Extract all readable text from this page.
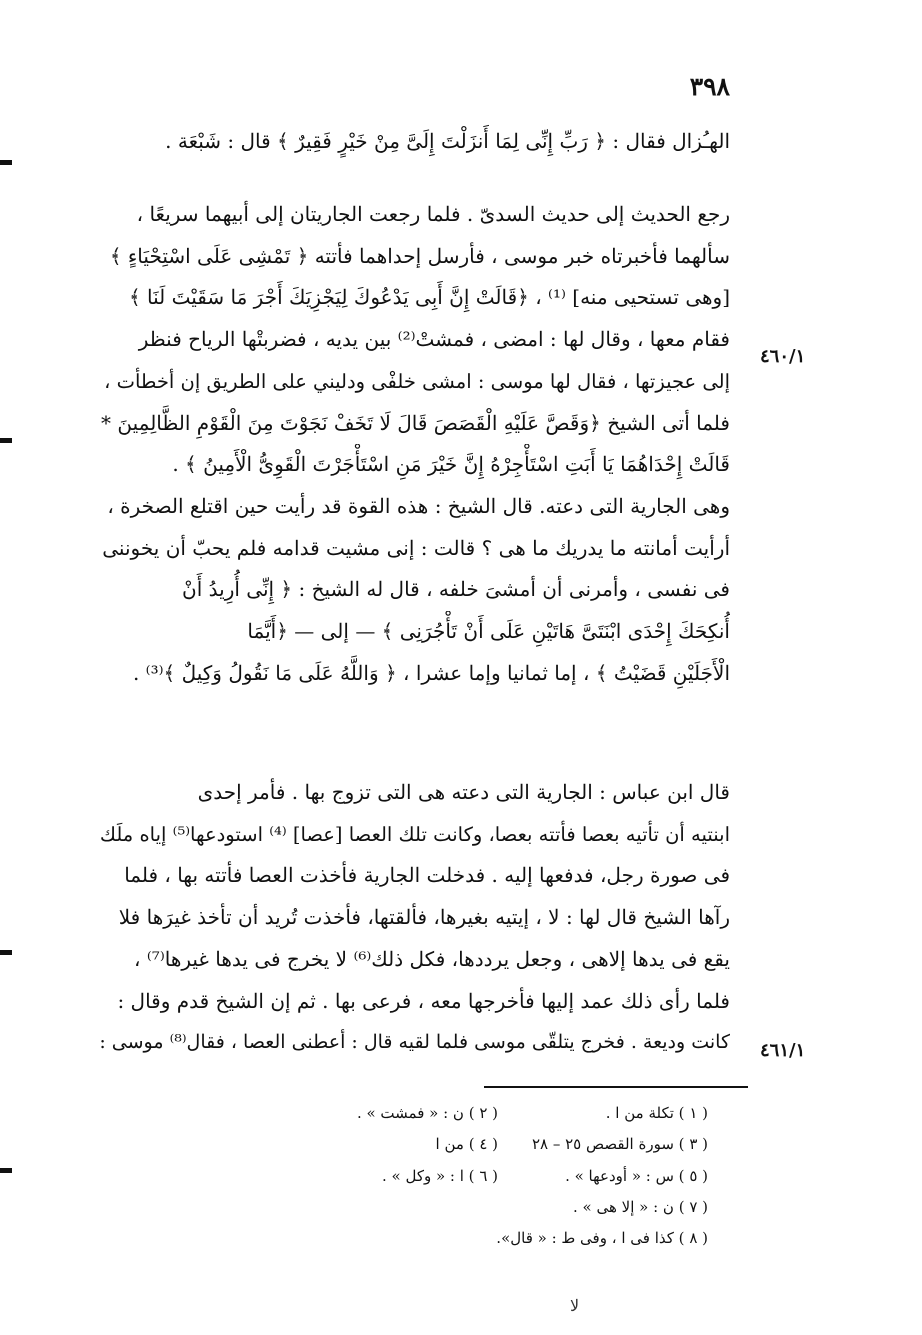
٣٩٨
الهـُزال فقال : ﴿ رَبِّ إِنِّى لِمَا أَنزَلْتَ إِلَىَّ مِنْ خَيْرٍ فَقِيرٌ ﴾ قال : شَبْعَة .
رجع الحديث إلى حديث السدىّ . فلما رجعت الجاريتان إلى أبيهما سريعًا ،
سألهما فأخبرتاه خبر موسى ، فأرسل إحداهما فأتته ﴿ تَمْشِى عَلَى اسْتِحْيَاءٍ ﴾
[وهى تستحيى منه] ⁽¹⁾ ، ﴿قَالَتْ إِنَّ أَبِى يَدْعُوكَ لِيَجْزِيَكَ أَجْرَ مَا سَقَيْتَ لَنَا ﴾
فقام معها ، وقال لها : امضى ، فمشتْ⁽²⁾ بين يديه ، فضربتْها الرياح فنظر
إلى عجيزتها ، فقال لها موسى : امشى خلفْى ودليني على الطريق إن أخطأت ،
فلما أتى الشيخ ﴿وَقَصَّ عَلَيْهِ الْقَصَصَ قَالَ لَا تَخَفْ نَجَوْتَ مِنَ الْقَوْمِ الظَّالِمِينَ *
قَالَتْ إِحْدَاهُمَا يَا أَبَتِ اسْتَأْجِرْهُ إِنَّ خَيْرَ مَنِ اسْتَأْجَرْتَ الْقَوِىُّ الْأَمِينُ ﴾ .
وهى الجارية التى دعته. قال الشيخ : هذه القوة قد رأيت حين اقتلع الصخرة ،
أرأيت أمانته ما يدريك ما هى ؟ قالت : إنى مشيت قدامه فلم يحبّ أن يخوننى
فى نفسى ، وأمرنى أن أمشىَ خلفه ، قال له الشيخ : ﴿ إِنِّى أُرِيدُ أَنْ
أُنكِحَكَ إِحْدَى ابْنَتَىَّ هَاتَيْنِ عَلَى أَنْ تَأْجُرَنِى ﴾ — إلى — ﴿أَيَّمَا
الْأَجَلَيْنِ قَضَيْتُ ﴾ ، إما ثمانيا وإما عشرا ، ﴿ وَاللَّهُ عَلَى مَا نَقُولُ وَكِيلٌ ﴾⁽³⁾ .
قال ابن عباس : الجارية التى دعته هى التى تزوج بها . فأمر إحدى
ابنتيه أن تأتيه بعصا فأتته بعصا، وكانت تلك العصا [عصا] ⁽⁴⁾ استودعها⁽⁵⁾ إياه ملَك
فى صورة رجل، فدفعها إليه . فدخلت الجارية فأخذت العصا فأتته بها ، فلما
رآها الشيخ قال لها : لا ، إيتيه بغيرها، فألقتها، فأخذت تُريد أن تأخذ غيرَها فلا
يقع فى يدها إلاهى ، وجعل يرددها، فكل ذلك⁽⁶⁾ لا يخرج فى يدها غيرها⁽⁷⁾ ،
فلما رأى ذلك عمد إليها فأخرجها معه ، فرعى بها . ثم إن الشيخ قدم وقال :
كانت وديعة . فخرج يتلقّى موسى فلما لقيه قال : أعطنى العصا ، فقال⁽⁸⁾ موسى :
٤٦٠/١
٤٦١/١
( ١ ) تكلة من ا .
( ٢ ) ن : « فمشت » .
( ٣ ) سورة القصص ٢٥ – ٢٨
( ٤ ) من ا
( ٥ ) س : « أودعها » .
( ٦ ) ا : « وكل » .
( ٧ ) ن : « إلا هى » .
( ٨ ) كذا فى ا ، وفى ط : « قال».
ﻻ
